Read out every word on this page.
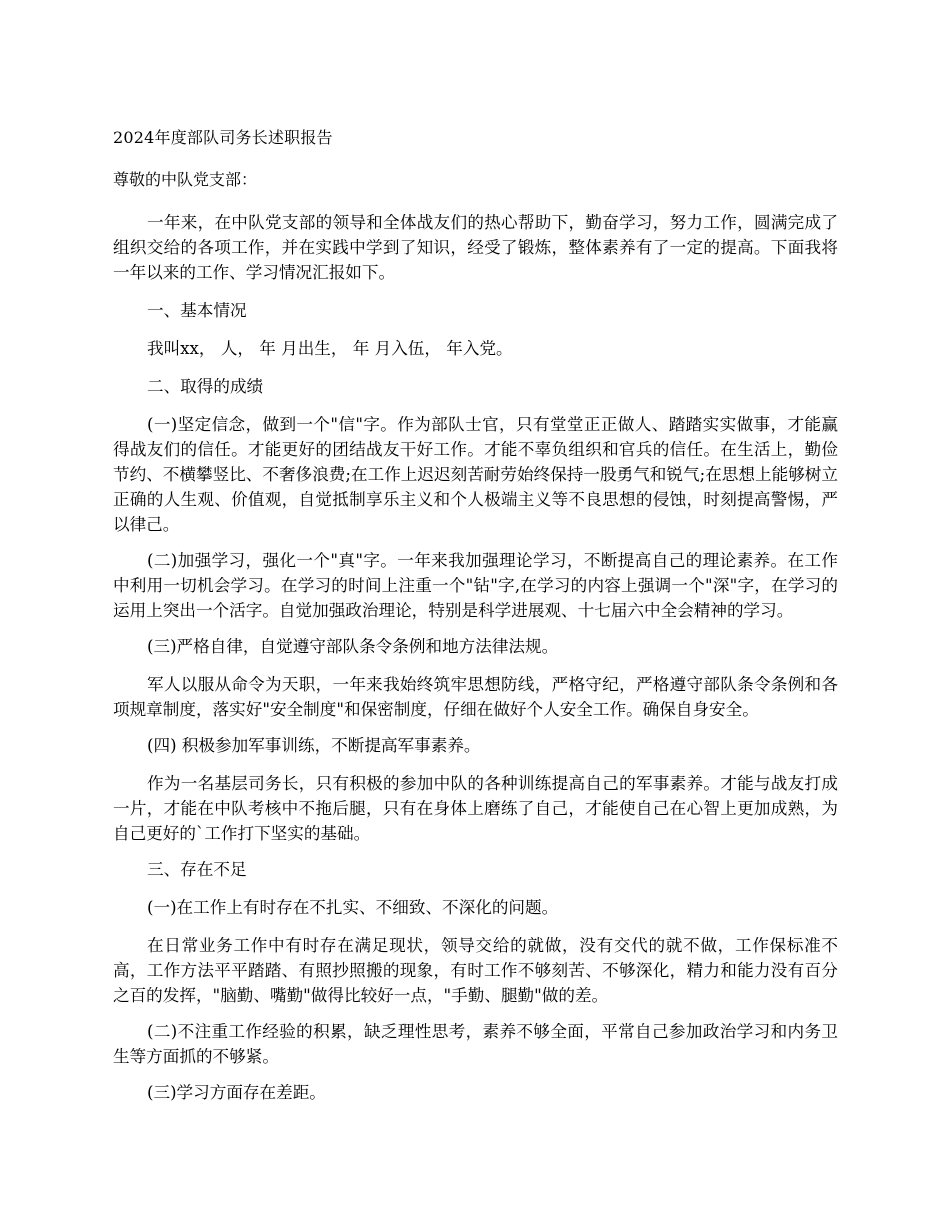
2024年度部队司务长述职报告
尊敬的中队党支部：
一年来，在中队党支部的领导和全体战友们的热心帮助下，勤奋学习，努力工作，圆满完成了组织交给的各项工作，并在实践中学到了知识，经受了锻炼，整体素养有了一定的提高。下面我将一年以来的工作、学习情况汇报如下。
一、基本情况
我叫xx， 人， 年 月出生， 年 月入伍， 年入党。
二、取得的成绩
(一)坚定信念，做到一个"信"字。作为部队士官，只有堂堂正正做人、踏踏实实做事，才能赢得战友们的信任。才能更好的团结战友干好工作。才能不辜负组织和官兵的信任。在生活上，勤俭节约、不横攀竖比、不奢侈浪费;在工作上迟迟刻苦耐劳始终保持一股勇气和锐气;在思想上能够树立正确的人生观、价值观，自觉抵制享乐主义和个人极端主义等不良思想的侵蚀，时刻提高警惕，严以律己。
(二)加强学习，强化一个"真"字。一年来我加强理论学习，不断提高自己的理论素养。在工作中利用一切机会学习。在学习的时间上注重一个"钻"字,在学习的内容上强调一个"深"字，在学习的运用上突出一个活字。自觉加强政治理论，特别是科学进展观、十七届六中全会精神的学习。
(三)严格自律，自觉遵守部队条令条例和地方法律法规。
军人以服从命令为天职，一年来我始终筑牢思想防线，严格守纪，严格遵守部队条令条例和各项规章制度，落实好"安全制度"和保密制度，仔细在做好个人安全工作。确保自身安全。
(四) 积极参加军事训练，不断提高军事素养。
作为一名基层司务长，只有积极的参加中队的各种训练提高自己的军事素养。才能与战友打成一片，才能在中队考核中不拖后腿，只有在身体上磨练了自己，才能使自己在心智上更加成熟，为自己更好的`工作打下坚实的基础。
三、存在不足
(一)在工作上有时存在不扎实、不细致、不深化的问题。
在日常业务工作中有时存在满足现状，领导交给的就做，没有交代的就不做，工作保标准不高，工作方法平平踏踏、有照抄照搬的现象，有时工作不够刻苦、不够深化，精力和能力没有百分之百的发挥，"脑勤、嘴勤"做得比较好一点，"手勤、腿勤"做的差。
(二)不注重工作经验的积累，缺乏理性思考，素养不够全面，平常自己参加政治学习和内务卫生等方面抓的不够紧。
(三)学习方面存在差距。
